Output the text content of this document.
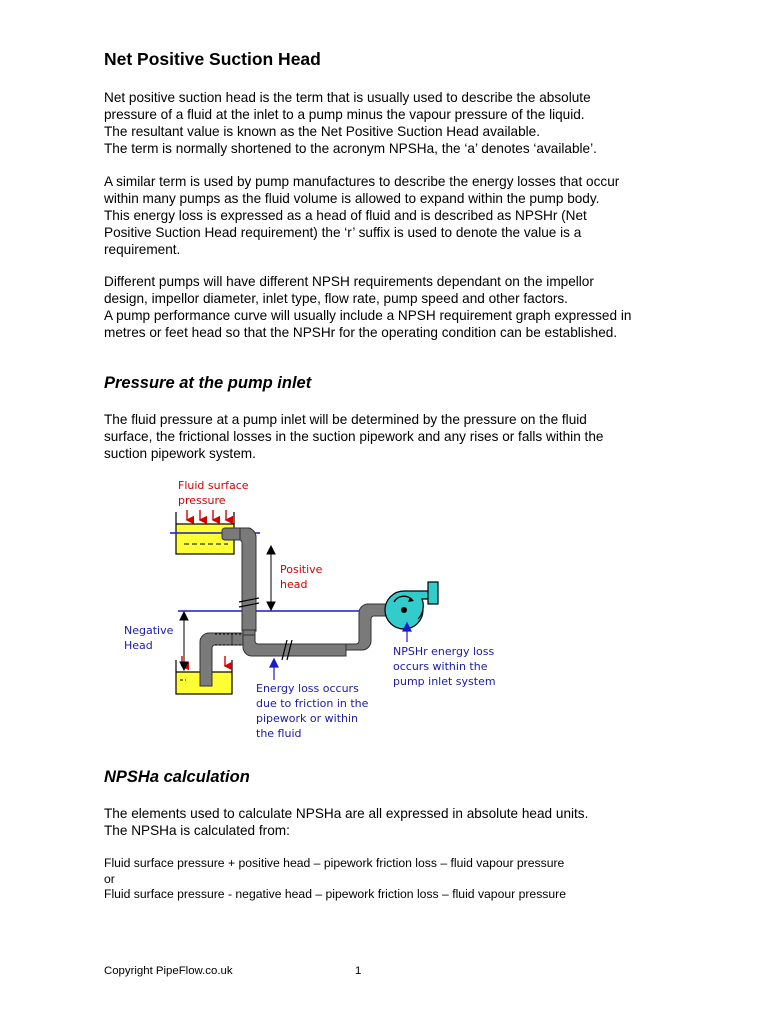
Net Positive Suction Head

Net positive suction head is the term that is usually used to describe the absolute
pressure of a fluid at the inlet to a pump minus the vapour pressure of the liquid.
The resultant value is known as the Net Positive Suction Head available.
The term is normally shortened to the acronym NPSHa, the ‘a’ denotes ‘available’.

A similar term is used by pump manufactures to describe the energy losses that occur
within many pumps as the fluid volume is allowed to expand within the pump body.
This energy loss is expressed as a head of fluid and is described as NPSHr (Net
Positive Suction Head requirement) the ‘r’ suffix is used to denote the value is a
requirement.

Different pumps will have different NPSH requirements dependant on the impellor
design, impellor diameter, inlet type, flow rate, pump speed and other factors.
A pump performance curve will usually include a NPSH requirement graph expressed in
metres or feet head so that the NPSHr for the operating condition can be established.

Pressure at the pump inlet

The fluid pressure at a pump inlet will be determined by the pressure on the fluid
surface, the frictional losses in the suction pipework and any rises or falls within the
suction pipework system.

Fluid surface pressure
Positive head
Negative Head	NPSHr energy loss occurs within the pump inlet system
Energy loss occurs due to friction in the pipework or within the fluid
NPSHa calculation

The elements used to calculate NPSHa are all expressed in absolute head units.
The NPSHa is calculated from:

Fluid surface pressure + positive head – pipework friction loss – fluid vapour pressure
or
Fluid surface pressure - negative head – pipework friction loss – fluid vapour pressure

Copyright PipeFlow.co.uk	1
